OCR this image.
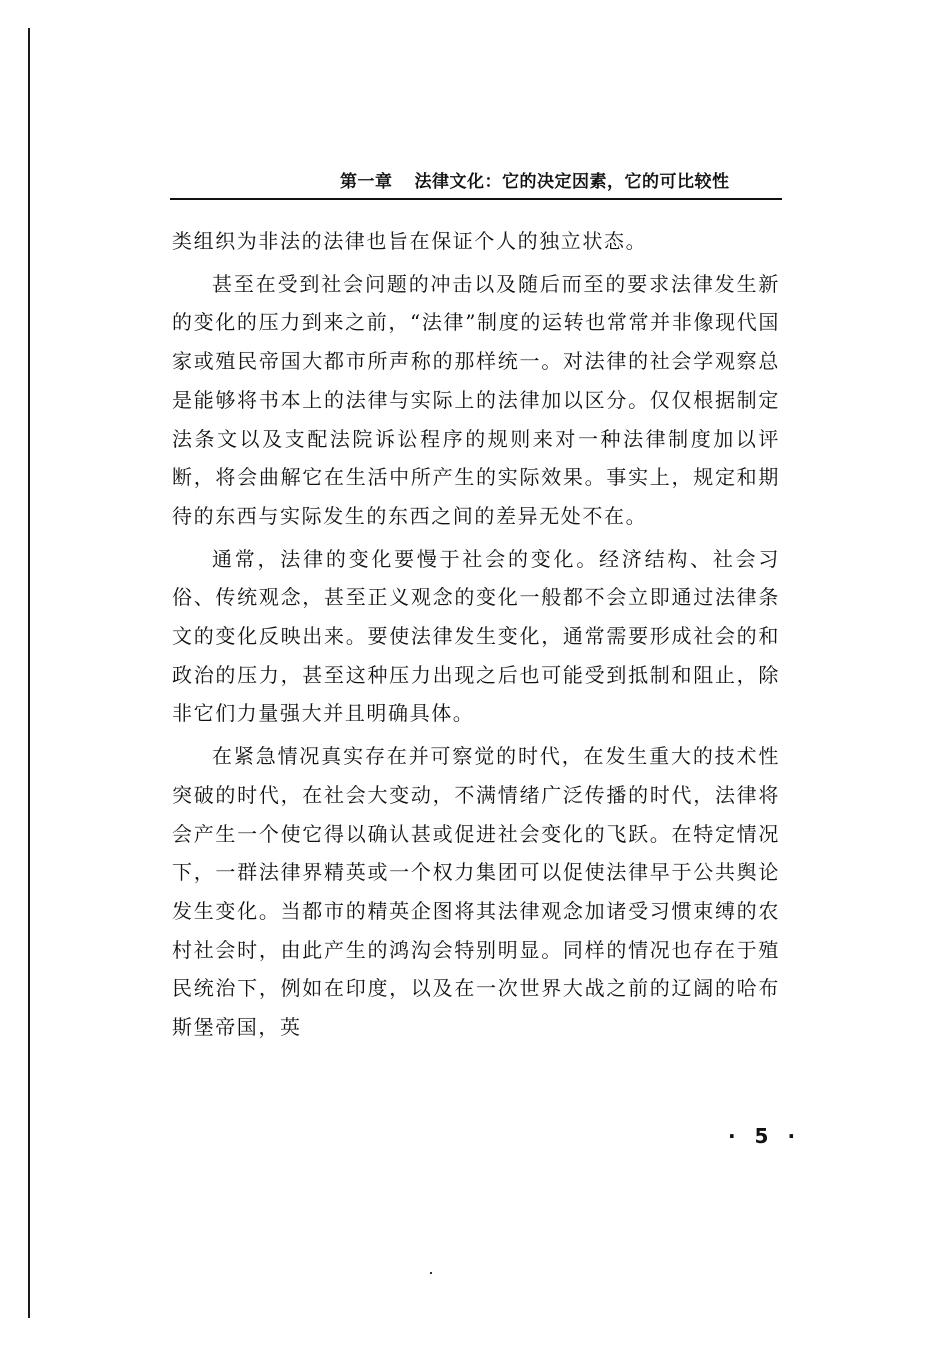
第一章 法律文化：它的决定因素，它的可比较性

类组织为非法的法律也旨在保证个人的独立状态。

甚至在受到社会问题的冲击以及随后而至的要求法律发生新的变化的压力到来之前，“法律”制度的运转也常常并非像现代国家或殖民帝国大都市所声称的那样统一。对法律的社会学观察总是能够将书本上的法律与实际上的法律加以区分。仅仅根据制定法条文以及支配法院诉讼程序的规则来对一种法律制度加以评断，将会曲解它在生活中所产生的实际效果。事实上，规定和期待的东西与实际发生的东西之间的差异无处不在。

通常，法律的变化要慢于社会的变化。经济结构、社会习俗、传统观念，甚至正义观念的变化一般都不会立即通过法律条文的变化反映出来。要使法律发生变化，通常需要形成社会的和政治的压力，甚至这种压力出现之后也可能受到抵制和阻止，除非它们力量强大并且明确具体。

在紧急情况真实存在并可察觉的时代，在发生重大的技术性突破的时代，在社会大变动，不满情绪广泛传播的时代，法律将会产生一个使它得以确认甚或促进社会变化的飞跃。在特定情况下，一群法律界精英或一个权力集团可以促使法律早于公共舆论发生变化。当都市的精英企图将其法律观念加诸受习惯束缚的农村社会时，由此产生的鸿沟会特别明显。同样的情况也存在于殖民统治下，例如在印度，以及在一次世界大战之前的辽阔的哈布斯堡帝国，英

· 5 ·
